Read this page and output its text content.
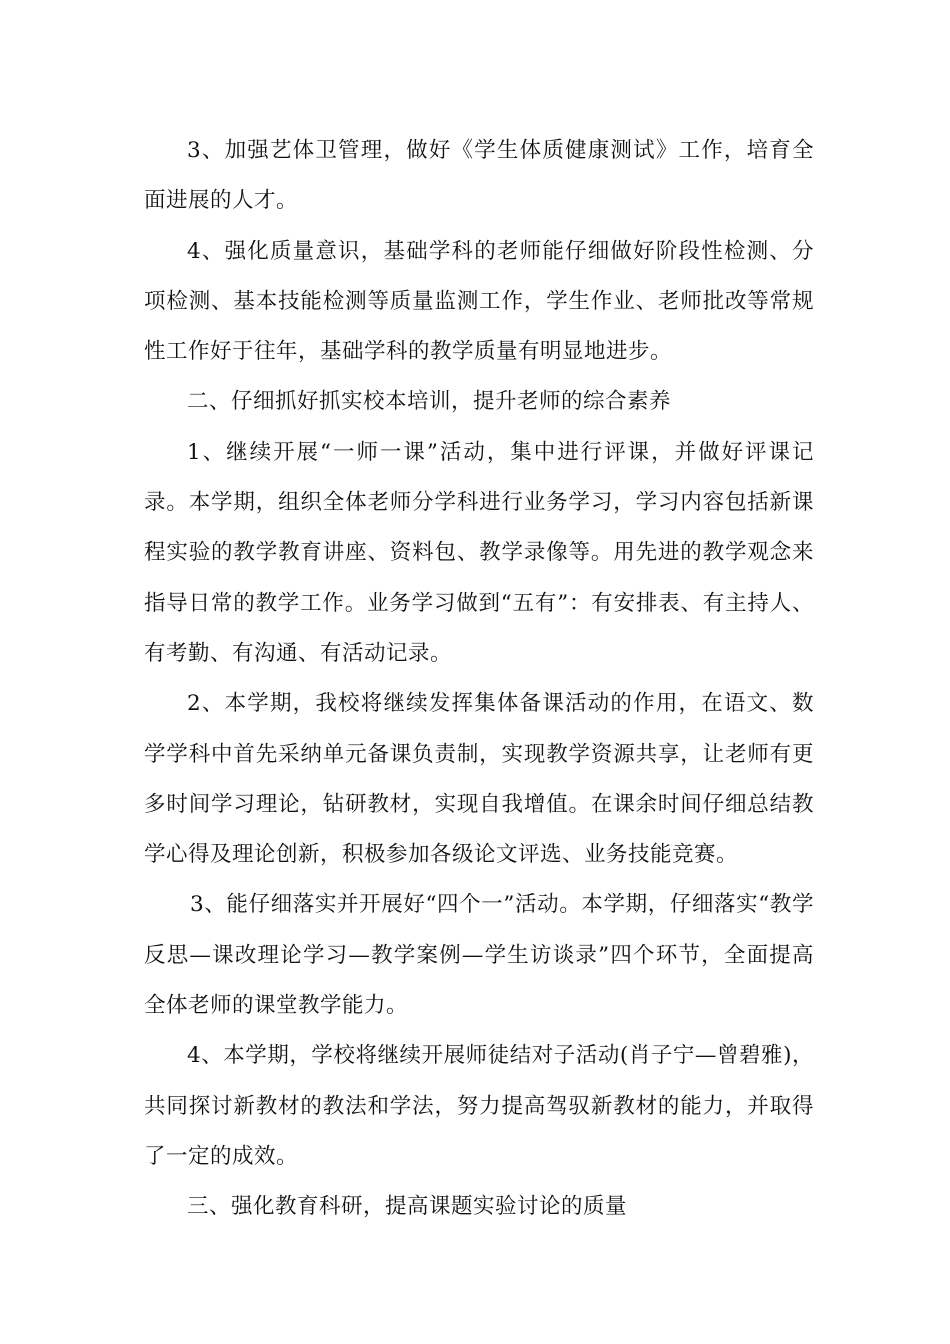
3、加强艺体卫管理，做好《学生体质健康测试》工作，培育全面进展的人才。

4、强化质量意识，基础学科的老师能仔细做好阶段性检测、分项检测、基本技能检测等质量监测工作，学生作业、老师批改等常规性工作好于往年，基础学科的教学质量有明显地进步。

二、仔细抓好抓实校本培训，提升老师的综合素养

1、继续开展“一师一课”活动，集中进行评课，并做好评课记录。本学期，组织全体老师分学科进行业务学习，学习内容包括新课程实验的教学教育讲座、资料包、教学录像等。用先进的教学观念来指导日常的教学工作。业务学习做到“五有”：有安排表、有主持人、有考勤、有沟通、有活动记录。

2、本学期，我校将继续发挥集体备课活动的作用，在语文、数学学科中首先采纳单元备课负责制，实现教学资源共享，让老师有更多时间学习理论，钻研教材，实现自我增值。在课余时间仔细总结教学心得及理论创新，积极参加各级论文评选、业务技能竞赛。

3、能仔细落实并开展好“四个一”活动。本学期，仔细落实“教学反思—课改理论学习—教学案例—学生访谈录”四个环节，全面提高全体老师的课堂教学能力。

4、本学期，学校将继续开展师徒结对子活动(肖子宁—曾碧雅)，共同探讨新教材的教法和学法，努力提高驾驭新教材的能力，并取得了一定的成效。

三、强化教育科研，提高课题实验讨论的质量
